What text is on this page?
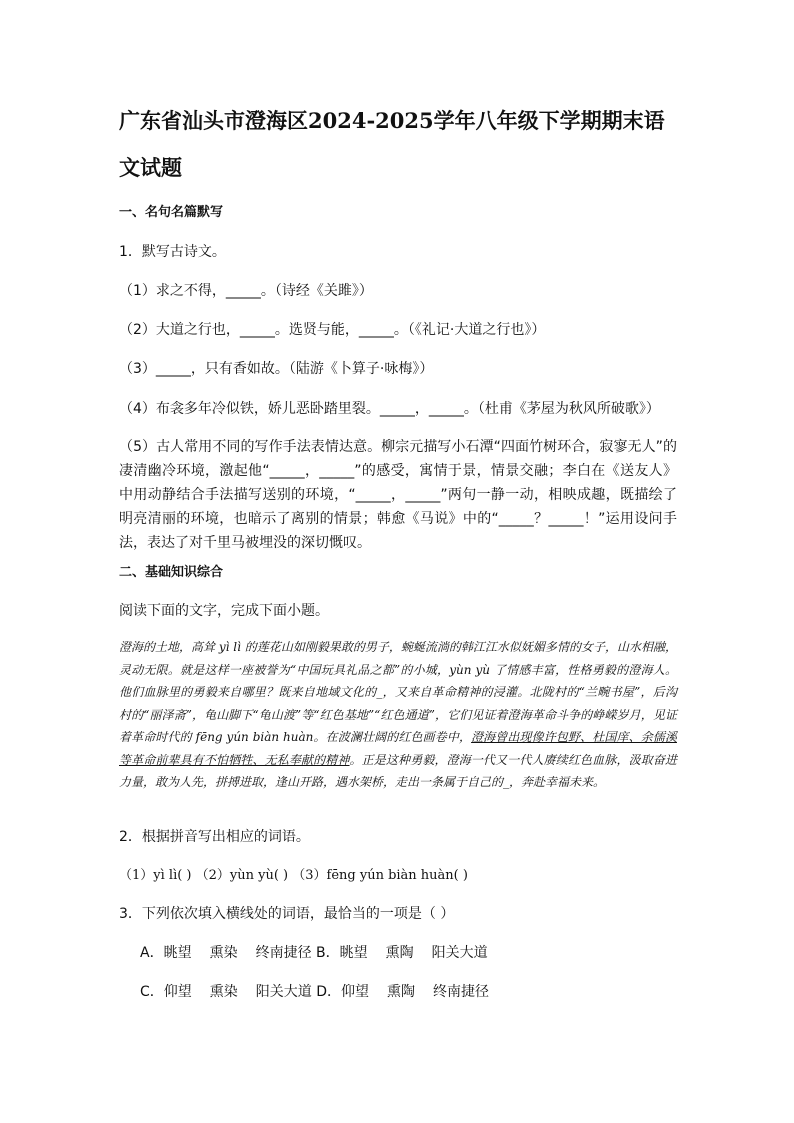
广东省汕头市澄海区2024-2025学年八年级下学期期末语文试题

一、名句名篇默写

1．默写古诗文。

（1）求之不得，_____。（诗经《关雎》）

（2）大道之行也，_____。选贤与能，_____。（《礼记·大道之行也》）

（3）_____，只有香如故。（陆游《卜算子·咏梅》）

（4）布衾多年冷似铁，娇儿恶卧踏里裂。_____，_____。（杜甫《茅屋为秋风所破歌》）

（5）古人常用不同的写作手法表情达意。柳宗元描写小石潭“四面竹树环合，寂寥无人”的凄清幽冷环境，激起他“_____，_____”的感受，寓情于景，情景交融；李白在《送友人》中用动静结合手法描写送别的环境，“_____，_____”两句一静一动，相映成趣，既描绘了明亮清丽的环境，也暗示了离别的情景；韩愈《马说》中的“_____？_____！”运用设问手法，表达了对千里马被埋没的深切慨叹。

二、基础知识综合

阅读下面的文字，完成下面小题。

澄海的土地，高耸 yì lì 的莲花山如刚毅果敢的男子，蜿蜒流淌的韩江江水似妩媚多情的女子，山水相融，灵动无限。就是这样一座被誉为“中国玩具礼品之都”的小城，yùn yù 了情感丰富，性格勇毅的澄海人。他们血脉里的勇毅来自哪里？既来自地域文化的_，又来自革命精神的浸灌。北陇村的“兰畹书屋”，后沟村的“丽泽斋”，龟山脚下“龟山渡”等“红色基地”“红色通道”，它们见证着澄海革命斗争的峥嵘岁月，见证着革命时代的 fēng yún biàn huàn。在波澜壮阔的红色画卷中，澄海曾出现像许包野、杜国庠、余儒溪等革命前辈具有不怕牺牲、无私奉献的精神。正是这种勇毅，澄海一代又一代人赓续红色血脉，汲取奋进力量，敢为人先，拼搏进取，逢山开路，遇水架桥，走出一条属于自己的_，奔赴幸福未来。

2．根据拼音写出相应的词语。

（1）yì lì( ) （2）yùn yù( ) （3）fēng yún biàn huàn( )

3．下列依次填入横线处的词语，最恰当的一项是（ ）

A．眺望 熏染 终南捷径 B．眺望 熏陶 阳关大道

C．仰望 熏染 阳关大道 D．仰望 熏陶 终南捷径
